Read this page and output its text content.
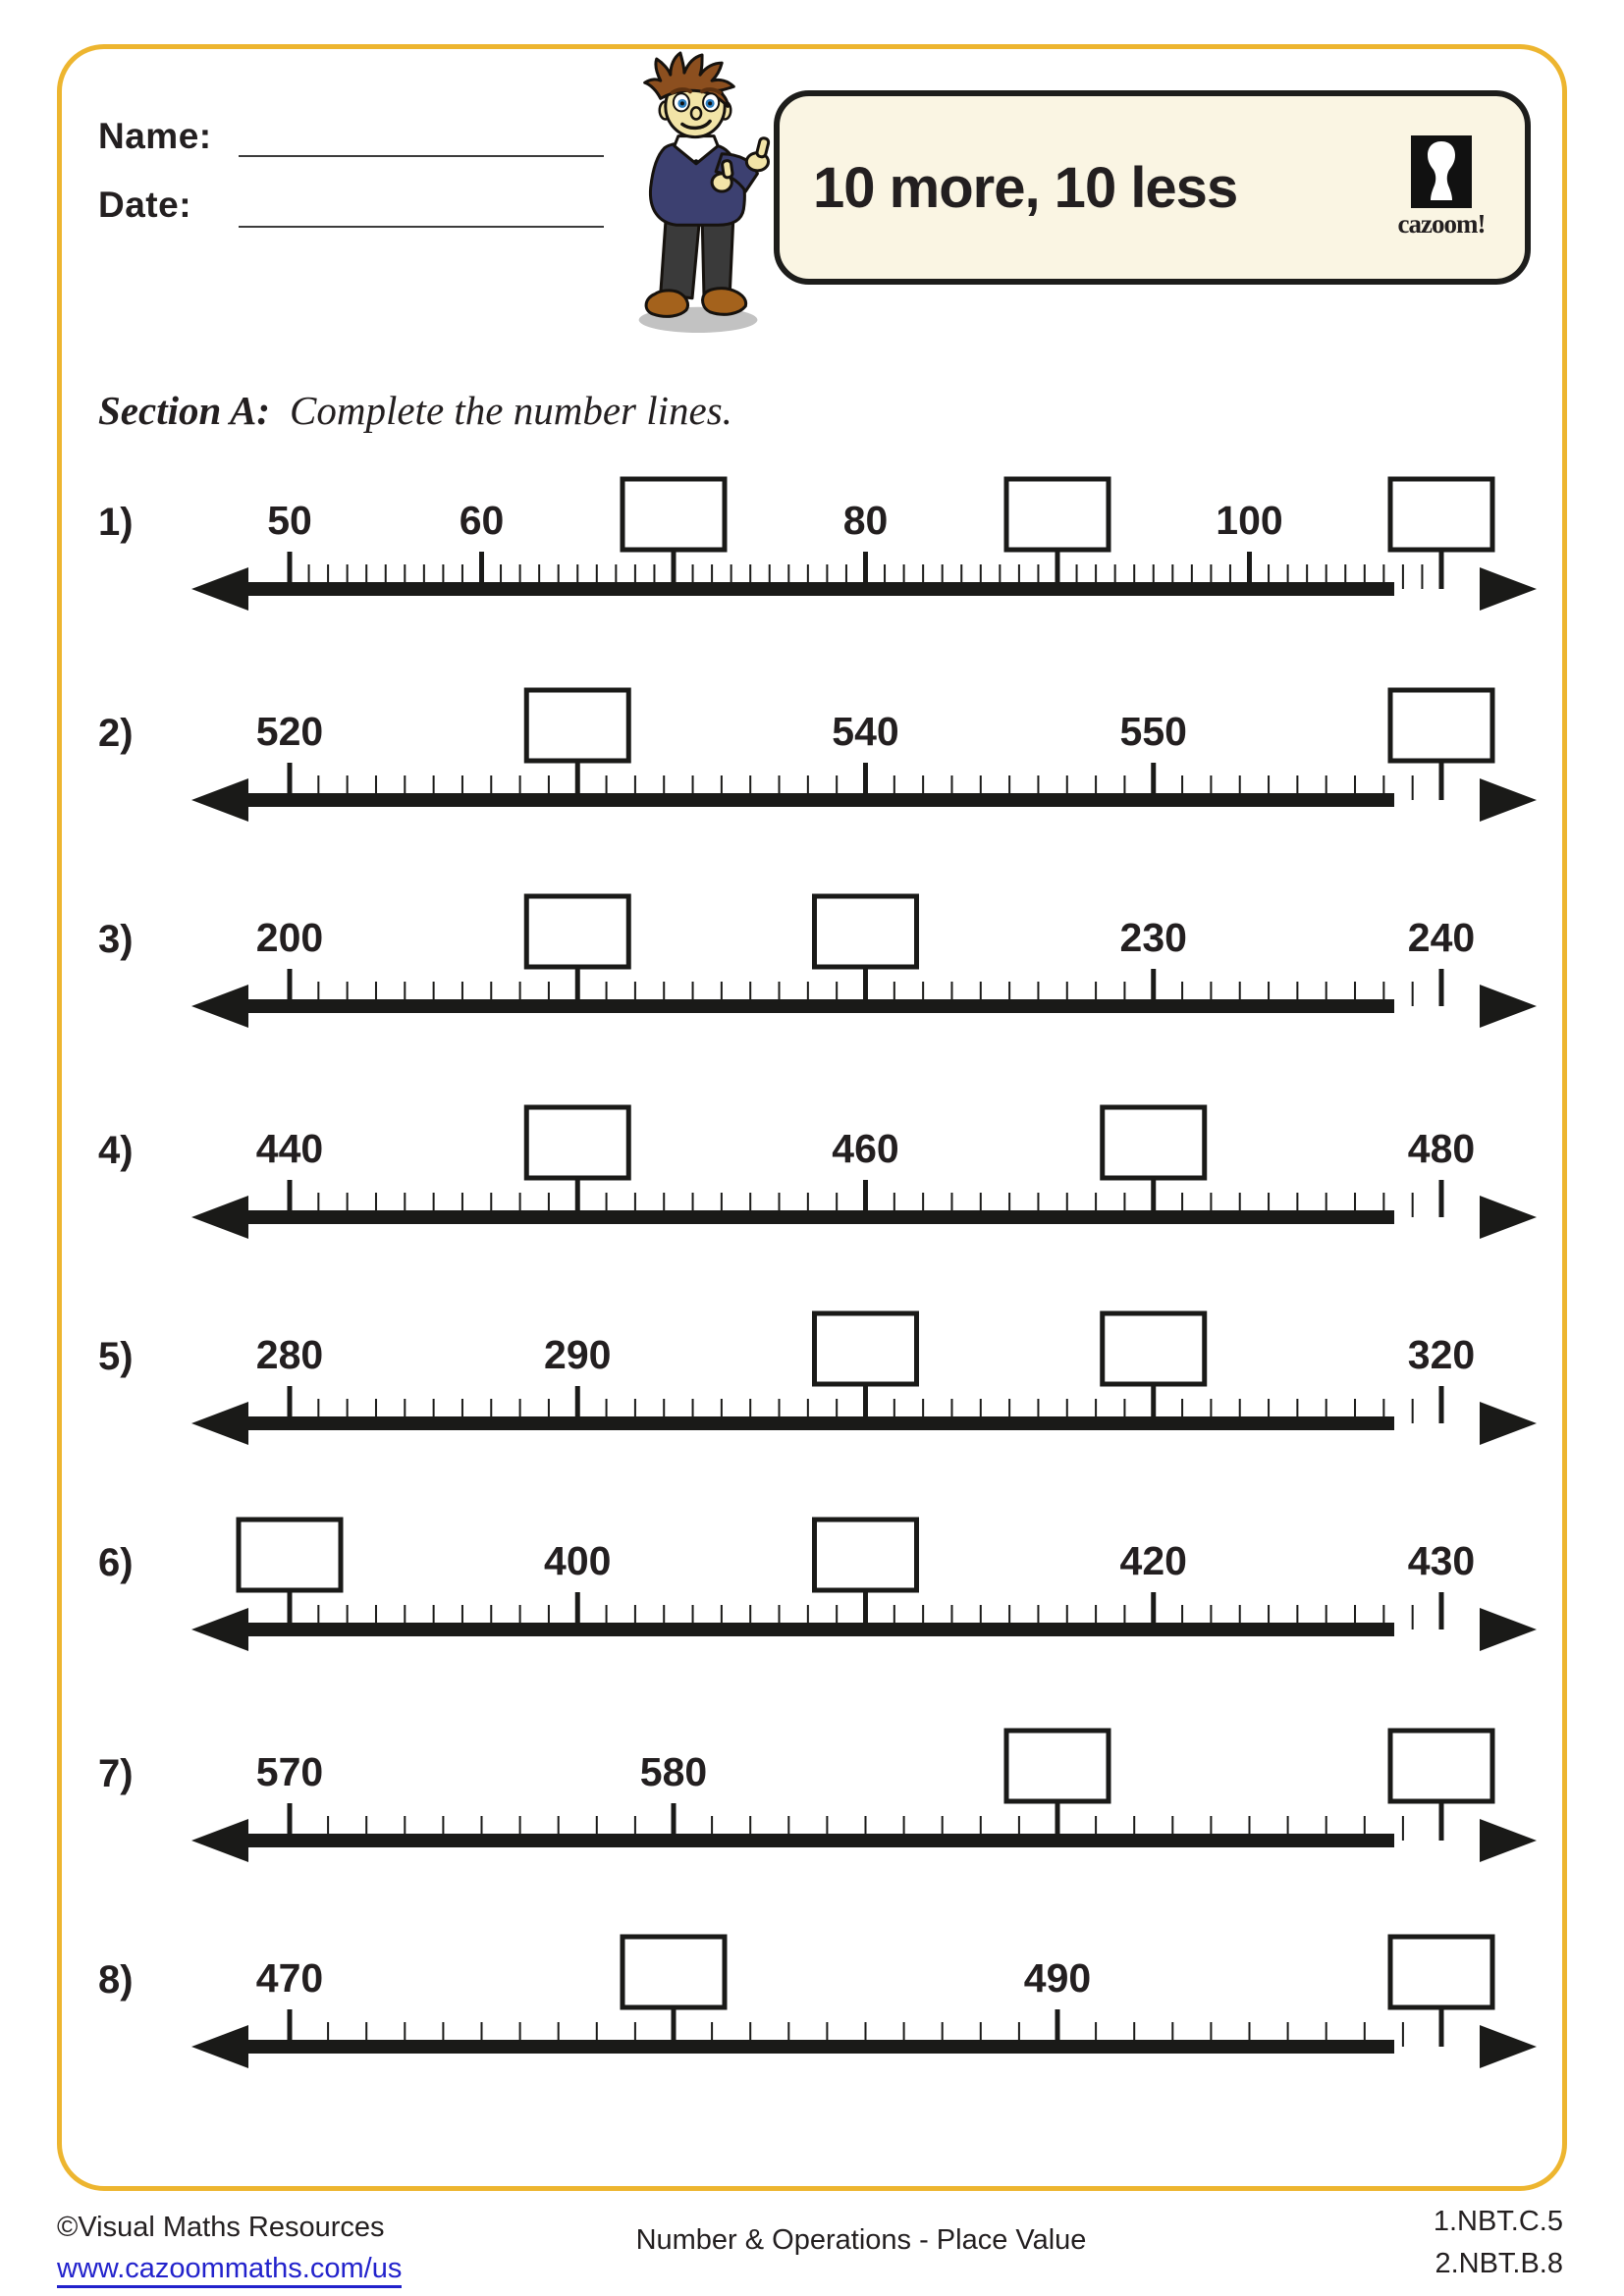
Name:
Date:	10 more, 10 less
cazoom!
Section A: Complete the number lines.
50	60	80	100
1)
520	540	550
2)
200	230	240
3)
440	460	480
4)
280	290	320
5)
400	420	430
6)
570	580
7)
470	490
8)
©Visual Maths Resources
www.cazoommaths.com/us
Number & Operations - Place Value
1.NBT.C.5
2.NBT.B.8
